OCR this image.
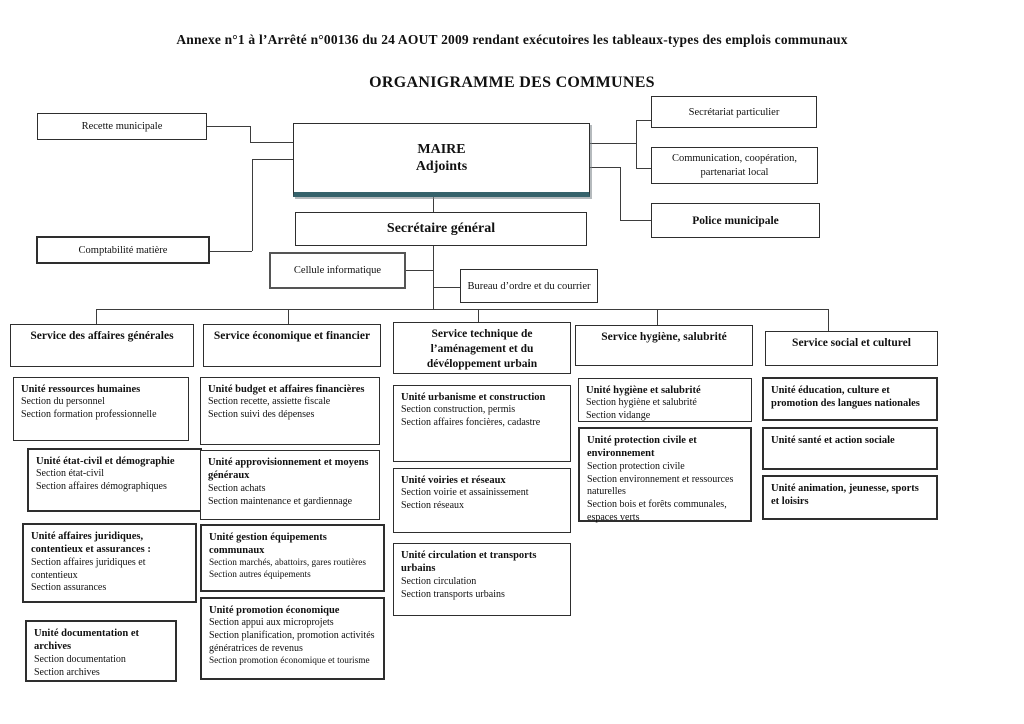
Annexe n°1 à l’Arrêté n°00136 du 24 AOUT 2009 rendant exécutoires les tableaux-types des emplois communaux
ORGANIGRAMME DES COMMUNES
Recette municipale
MAIRE
Adjoints
Secrétariat particulier
Communication, coopération, partenariat local
Police municipale
Comptabilité matière
Secrétaire général
Cellule informatique
Bureau d’ordre et du courrier
Service des affaires générales	Service économique et financier	Service technique de l’aménagement et du dévéloppement urbain
Service hygiène, salubrité	Service social et culturel
Unité ressources humaines
Section du personnel
Section formation professionnelle
Unité état-civil et démographie
Section état-civil
Section affaires démographiques
Unité affaires juridiques, contentieux et assurances :
Section affaires juridiques et contentieux
Section assurances
Unité documentation et archives
Section documentation
Section archives
Unité budget et affaires financières
Section recette, assiette fiscale
Section suivi des dépenses
Unité approvisionnement et moyens généraux
Section achats
Section maintenance et gardiennage
Unité gestion équipements communaux
Section marchés, abattoirs, gares routières
Section autres équipements
Unité promotion économique
Section appui aux microprojets
Section planification, promotion activités génératrices de revenus
Section promotion économique et tourisme
Unité urbanisme et construction
Section construction, permis
Section affaires foncières, cadastre
Unité voiries et réseaux
Section voirie et assainissement
Section réseaux
Unité circulation et transports urbains
Section circulation
Section transports urbains
Unité hygiène et salubrité
Section hygiène et salubrité
Section vidange
Unité protection civile et environnement
Section protection civile
Section environnement et ressources naturelles
Section bois et forêts communales, espaces verts
Unité éducation, culture et promotion des langues nationales
Unité santé et action sociale
Unité animation, jeunesse, sports et loisirs
